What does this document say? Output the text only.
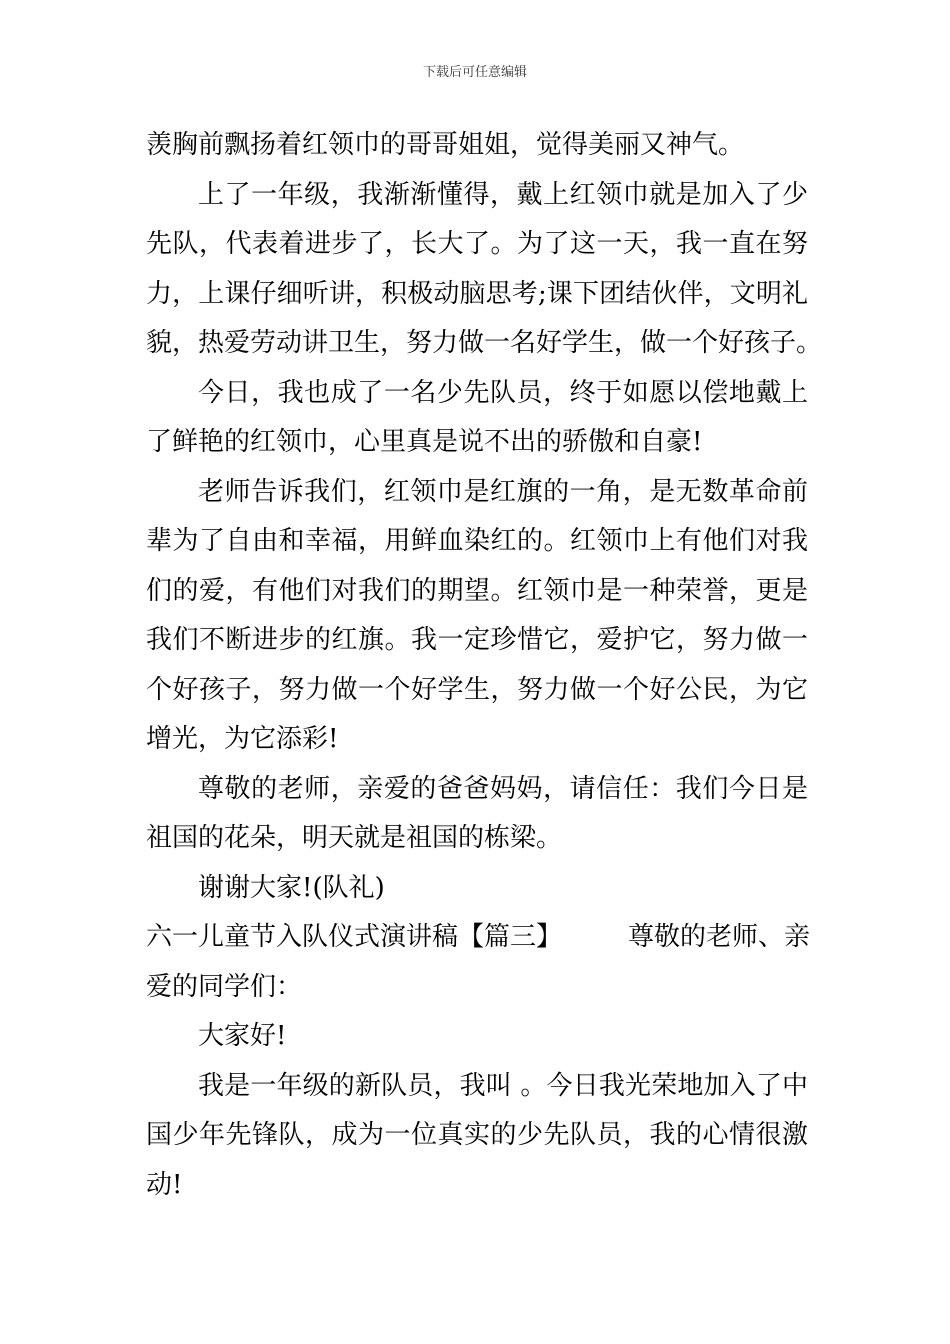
下载后可任意编辑
羡胸前飘扬着红领巾的哥哥姐姐，觉得美丽又神气。
上了一年级，我渐渐懂得，戴上红领巾就是加入了少
先队，代表着进步了，长大了。为了这一天，我一直在努
力，上课仔细听讲，积极动脑思考;课下团结伙伴，文明礼
貌，热爱劳动讲卫生，努力做一名好学生，做一个好孩子。
今日，我也成了一名少先队员，终于如愿以偿地戴上
了鲜艳的红领巾，心里真是说不出的骄傲和自豪!
老师告诉我们，红领巾是红旗的一角，是无数革命前
辈为了自由和幸福，用鲜血染红的。红领巾上有他们对我
们的爱，有他们对我们的期望。红领巾是一种荣誉，更是
我们不断进步的红旗。我一定珍惜它，爱护它，努力做一
个好孩子，努力做一个好学生，努力做一个好公民，为它
增光，为它添彩!
尊敬的老师，亲爱的爸爸妈妈，请信任：我们今日是
祖国的花朵，明天就是祖国的栋梁。
谢谢大家!(队礼)
六一儿童节入队仪式演讲稿【篇三】	尊敬的老师、亲
爱的同学们：
大家好!
我是一年级的新队员，我叫 。今日我光荣地加入了中
国少年先锋队，成为一位真实的少先队员，我的心情很激
动!
